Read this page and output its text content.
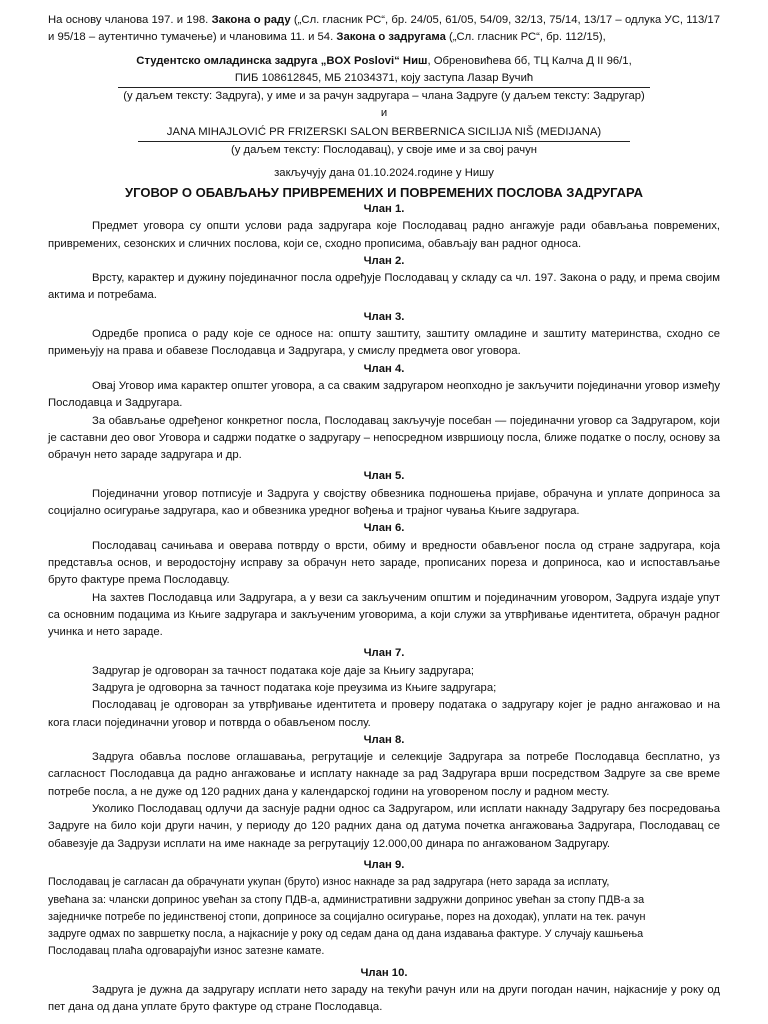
На основу чланова 197. и 198. Закона о раду („Сл. гласник РС“, бр. 24/05, 61/05, 54/09, 32/13, 75/14, 13/17 – одлука УС, 113/17 и 95/18 – аутентично тумачење) и члановима 11. и 54. Закона о задругама („Сл. гласник РС“, бр. 112/15),

Студентско омладинска задруга „BOX Poslovi“ Ниш, Обреновићева бб, ТЦ Калча Д II 96/1,

ПИБ 108612845, МБ 21034371, коју заступа Лазар Вучић

(у даљем тексту: Задруга), у име и за рачун задругара – члана Задруге (у даљем тексту: Задругар)

и

JANA MIHAJLOVIĆ PR FRIZERSKI SALON BERBERNICA SICILIJA NIŠ (MEDIJANA)

(у даљем тексту: Послодавац), у своје име и за свој рачун

закључују дана 01.10.2024.године у Нишу

УГОВОР О ОБАВЉАЊУ ПРИВРЕМЕНИХ И ПОВРЕМЕНИХ ПОСЛОВА ЗАДРУГАРА

Члан 1.

Предмет уговора су општи услови рада задругара које Послодавац радно ангажује ради обављања повремених, привремених, сезонских и сличних послова, који се, сходно прописима, обављају ван радног односа.

Члан 2.

Врсту, карактер и дужину појединачног посла одређује Послодавац у складу са чл. 197. Закона о раду, и према својим актима и потребама.

Члан 3.

Одредбе прописа о раду које се односе на: општу заштиту, заштиту омладине и заштиту материнства, сходно се примењују на права и обавезе Послодавца и Задругара, у смислу предмета овог уговора.

Члан 4.

Овај Уговор има карактер општег уговора, а са сваким задругаром неопходно је закључити појединачни уговор између Послодавца и Задругара.

За обављање одређеног конкретног посла, Послодавац закључује посебан — појединачни уговор са Задругаром, који је саставни део овог Уговора и садржи податке о задругару – непосредном извршиоцу посла, ближе податке о послу, основу за обрачун нето зараде задругара и др.

Члан 5.

Појединачни уговор потписује и Задруга у својству обвезника подношења пријаве, обрачуна и уплате доприноса за социјално осигурање задругара, као и обвезника уредног вођења и трајног чувања Књиге задругара.

Члан 6.

Послодавац сачињава и оверава потврду о врсти, обиму и вредности обављеног посла од стране задругара, која представља основ, и веродостојну исправу за обрачун нето зараде, прописаних пореза и доприноса, као и испостављање бруто фактуре према Послодавцу.

На захтев Послодавца или Задругара, а у вези са закљученим општим и појединачним уговором, Задруга издаје упут са основним подацима из Књиге задругара и закљученим уговорима, а који служи за утврђивање идентитета, обрачун радног учинка и нето зараде.

Члан 7.

Задругар је одговоран за тачност података које даје за Књигу задругара;

Задруга је одговорна за тачност података које преузима из Књиге задругара;

Послодавац је одговоран за утврђивање идентитета и проверу података о задругару којег је радно ангажовао и на кога гласи појединачни уговор и потврда о обављеном послу.

Члан 8.

Задруга обавља послове оглашавања, регрутације и селекције Задругара за потребе Послодавца бесплатно, уз сагласност Послодавца да радно ангажовање и исплату накнаде за рад Задругара врши посредством Задруге за све време потребе посла, а не дуже од 120 радних дана у календарској години на уговореном послу и радном месту.

Уколико Послодавац одлучи да заснује радни однос са Задругаром, или исплати накнаду Задругару без посредовања Задруге на било који други начин, у периоду до 120 радних дана од датума почетка ангажовања Задругара, Послодавац се обавезује да Задрузи исплати на име накнаде за регрутацију 12.000,00 динара по ангажованом Задругару.

Члан 9.

Послодавац је сагласан да обрачунати укупан (бруто) износ накнаде за рад задругара (нето зарада за исплату,

увећана за: члански допринос увећан за стопу ПДВ-а, административни задружни допринос увећан за стопу ПДВ-а за

заједничке потребе по јединственој стопи, доприносе за социјално осигурање, порез на доходак), уплати на тек. рачун

задруге одмах по завршетку посла, а најкасније у року од седам дана од дана издавања фактуре. У случају кашњења

Послодавац плаћа одговарајући износ затезне камате.

Члан 10.

Задруга је дужна да задругару исплати нето зараду на текући рачун или на други погодан начин, најкасније у року од пет дана од дана уплате бруто фактуре од стране Послодавца.
